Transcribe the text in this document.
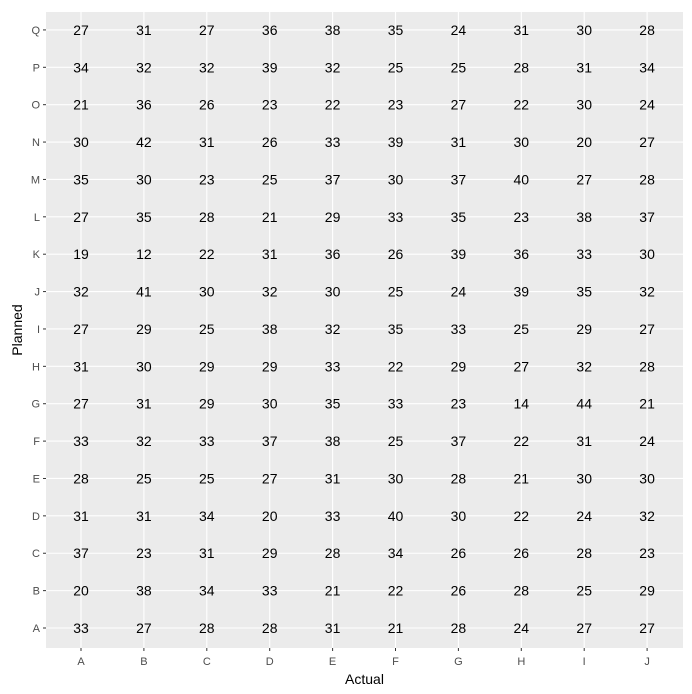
33	27	28	28	31	21	28	24	27	27
20	38	34	33	21	22	26	28	25	29
37	23	31	29	28	34	26	26	28	23
31	31	34	20	33	40	30	22	24	32
28	25	25	27	31	30	28	21	30	30
33	32	33	37	38	25	37	22	31	24
27	31	29	30	35	33	23	14	44	21
31	30	29	29	33	22	29	27	32	28
27	29	25	38	32	35	33	25	29	27
32	41	30	32	30	25	24	39	35	32
19	12	22	31	36	26	39	36	33	30
27	35	28	21	29	33	35	23	38	37
35	30	23	25	37	30	37	40	27	28
30	42	31	26	33	39	31	30	20	27
21	36	26	23	22	23	27	22	30	24
34	32	32	39	32	25	25	28	31	34
27	31	27	36	38	35	24	31	30	28
A	B	C	D	E	F	G	H	I	J
A
B
C
D
E
F
G
H
I
J
K
L
M
N
O
P
Q
Actual
Planned
